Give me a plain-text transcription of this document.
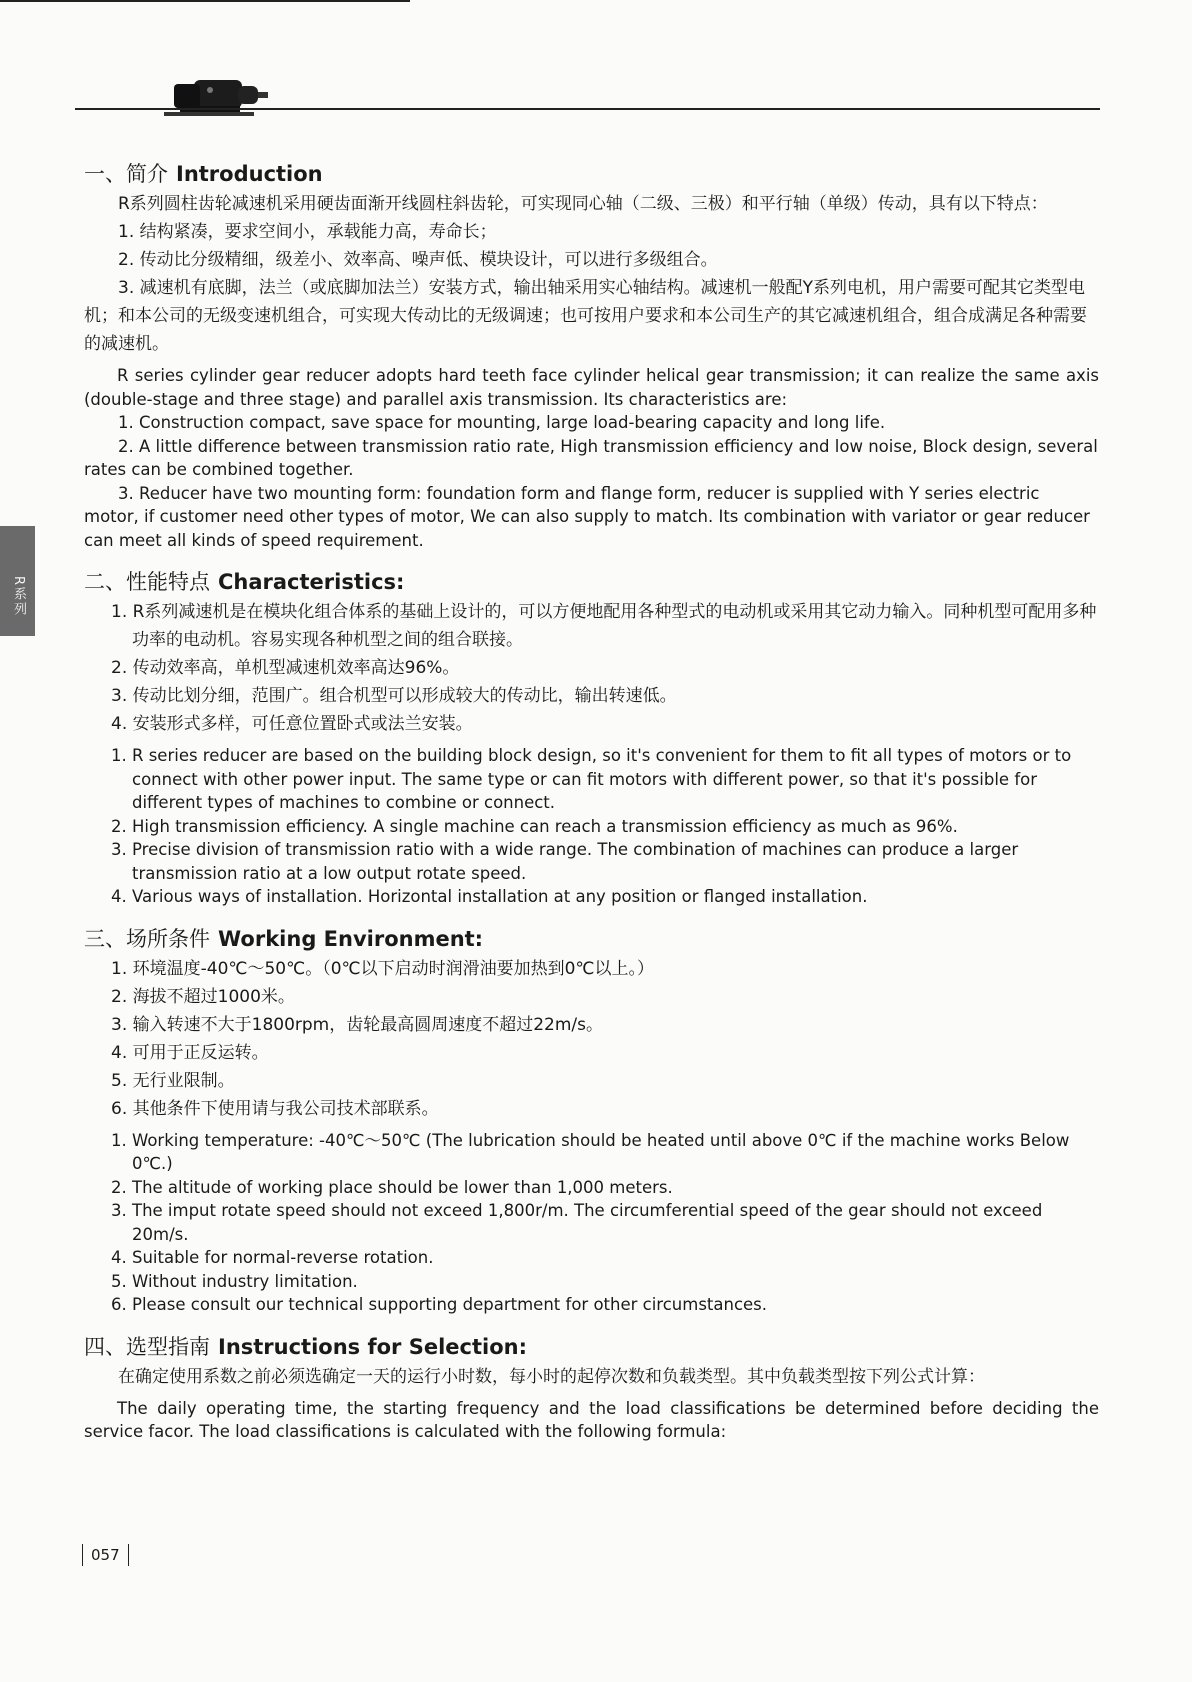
R系列
一、简介 Introduction

R系列圆柱齿轮减速机采用硬齿面渐开线圆柱斜齿轮，可实现同心轴（二级、三极）和平行轴（单级）传动，具有以下特点：

1. 结构紧凑，要求空间小，承载能力高，寿命长；
2. 传动比分级精细，级差小、效率高、噪声低、模块设计，可以进行多级组合。
3. 减速机有底脚，法兰（或底脚加法兰）安装方式，输出轴采用实心轴结构。减速机一般配Y系列电机，用户需要可配其它类型电机；和本公司的无级变速机组合，可实现大传动比的无级调速；也可按用户要求和本公司生产的其它减速机组合，组合成满足各种需要的减速机。

R series cylinder gear reducer adopts hard teeth face cylinder helical gear transmission; it can realize the same axis (double-stage and three stage) and parallel axis transmission. Its characteristics are:

1. Construction compact, save space for mounting, large load-bearing capacity and long life.
2. A little difference between transmission ratio rate, High transmission efficiency and low noise, Block design, several rates can be combined together.
3. Reducer have two mounting form: foundation form and flange form, reducer is supplied with Y series electric motor, if customer need other types of motor, We can also supply to match. Its combination with variator or gear reducer can meet all kinds of speed requirement.
二、性能特点 Characteristics:
1. R系列减速机是在模块化组合体系的基础上设计的，可以方便地配用各种型式的电动机或采用其它动力输入。同种机型可配用多种功率的电动机。容易实现各种机型之间的组合联接。
2. 传动效率高，单机型减速机效率高达96%。
3. 传动比划分细，范围广。组合机型可以形成较大的传动比，输出转速低。
4. 安装形式多样，可任意位置卧式或法兰安装。
1. R series reducer are based on the building block design, so it's convenient for them to fit all types of motors or to connect with other power input. The same type or can fit motors with different power, so that it's possible for different types of machines to combine or connect.
2. High transmission efficiency. A single machine can reach a transmission efficiency as much as 96%.
3. Precise division of transmission ratio with a wide range. The combination of machines can produce a larger transmission ratio at a low output rotate speed.
4. Various ways of installation. Horizontal installation at any position or flanged installation.
三、场所条件 Working Environment:
1. 环境温度-40℃～50℃。（0℃以下启动时润滑油要加热到0℃以上。）
2. 海拔不超过1000米。
3. 输入转速不大于1800rpm，齿轮最高圆周速度不超过22m/s。
4. 可用于正反运转。
5. 无行业限制。
6. 其他条件下使用请与我公司技术部联系。
1. Working temperature: -40℃～50℃ (The lubrication should be heated until above 0℃ if the machine works Below 0℃.)
2. The altitude of working place should be lower than 1,000 meters.
3. The imput rotate speed should not exceed 1,800r/m. The circumferential speed of the gear should not exceed 20m/s.
4. Suitable for normal-reverse rotation.
5. Without industry limitation.
6. Please consult our technical supporting department for other circumstances.
四、选型指南 Instructions for Selection:

在确定使用系数之前必须选确定一天的运行小时数，每小时的起停次数和负载类型。其中负载类型按下列公式计算：

The daily operating time, the starting frequency and the load classifications be determined before deciding the service facor. The load classifications is calculated with the following formula:

057
